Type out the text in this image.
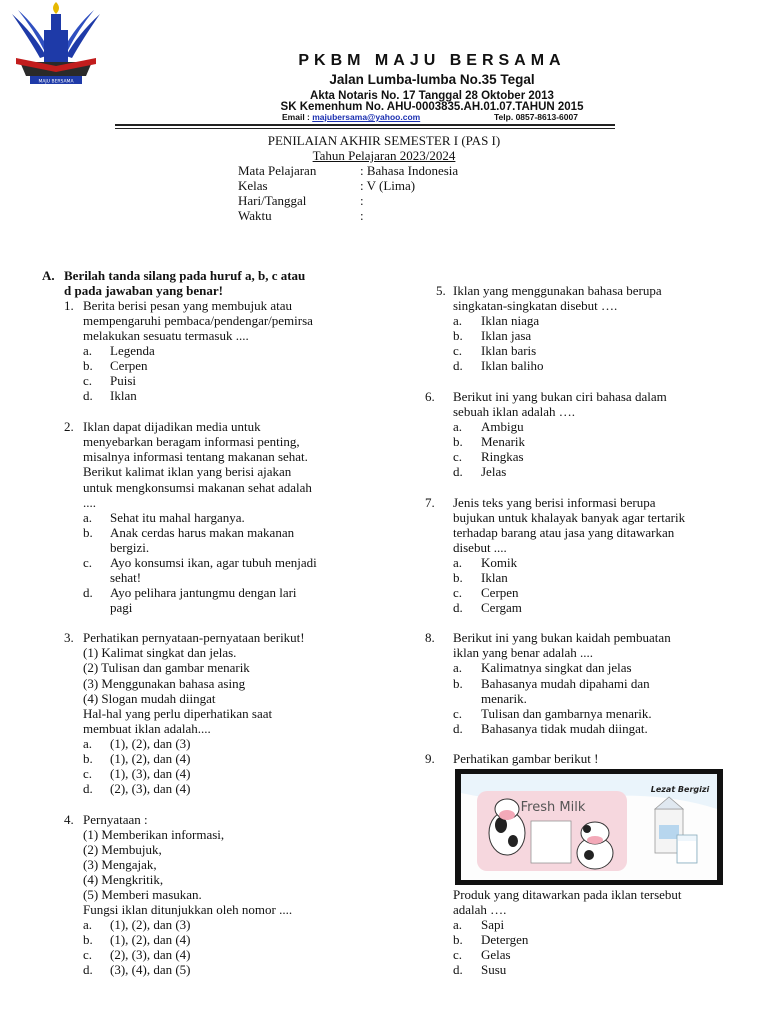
MAJU BERSAMA
PKBM MAJU BERSAMA
Jalan Lumba-lumba No.35 Tegal
Akta Notaris No. 17 Tanggal 28 Oktober 2013
SK Kemenhum No. AHU-0003835.AH.01.07.TAHUN 2015
Email : majubersama@yahoo.com	Telp. 0857-8613-6007
PENILAIAN AKHIR SEMESTER I (PAS I)
Tahun Pelajaran 2023/2024
Mata Pelajaran	: Bahasa Indonesia
Kelas	: V (Lima)
Hari/Tanggal	:
Waktu	:
A. Berilah tanda silang pada huruf a, b, c atau
d pada jawaban yang benar!
1. Berita berisi pesan yang membujuk atau
mempengaruhi pembaca/pendengar/pemirsa
melakukan sesuatu termasuk ....
a. Legenda
b. Cerpen
c. Puisi
d. Iklan
2. Iklan dapat dijadikan media untuk
menyebarkan beragam informasi penting,
misalnya informasi tentang makanan sehat.
Berikut kalimat iklan yang berisi ajakan
untuk mengkonsumsi makanan sehat adalah
....
a. Sehat itu mahal harganya.
b. Anak cerdas harus makan makanan
bergizi.
c. Ayo konsumsi ikan, agar tubuh menjadi
sehat!
d. Ayo pelihara jantungmu dengan lari
pagi
3. Perhatikan pernyataan-pernyataan berikut!
(1) Kalimat singkat dan jelas.
(2) Tulisan dan gambar menarik
(3) Menggunakan bahasa asing
(4) Slogan mudah diingat
Hal-hal yang perlu diperhatikan saat
membuat iklan adalah....
a. (1), (2), dan (3)
b. (1), (2), dan (4)
c. (1), (3), dan (4)
d. (2), (3), dan (4)
4. Pernyataan :
(1) Memberikan informasi,
(2) Membujuk,
(3) Mengajak,
(4) Mengkritik,
(5) Memberi masukan.
Fungsi iklan ditunjukkan oleh nomor ....
a. (1), (2), dan (3)
b. (1), (2), dan (4)
c. (2), (3), dan (4)
d. (3), (4), dan (5)
5. Iklan yang menggunakan bahasa berupa
singkatan-singkatan disebut ….
a. Iklan niaga
b. Iklan jasa
c. Iklan baris
d. Iklan baliho
6. Berikut ini yang bukan ciri bahasa dalam
sebuah iklan adalah ….
a. Ambigu
b. Menarik
c. Ringkas
d. Jelas
7. Jenis teks yang berisi informasi berupa
bujukan untuk khalayak banyak agar tertarik
terhadap barang atau jasa yang ditawarkan
disebut ....
a. Komik
b. Iklan
c. Cerpen
d. Cergam
8. Berikut ini yang bukan kaidah pembuatan
iklan yang benar adalah ....
a. Kalimatnya singkat dan jelas
b. Bahasanya mudah dipahami dan
menarik.
c. Tulisan dan gambarnya menarik.
d. Bahasanya tidak mudah diingat.
9. Perhatikan gambar berikut !
Fresh Milk
Lezat Bergizi
Produk yang ditawarkan pada iklan tersebut
adalah ….
a. Sapi
b. Detergen
c. Gelas
d. Susu
